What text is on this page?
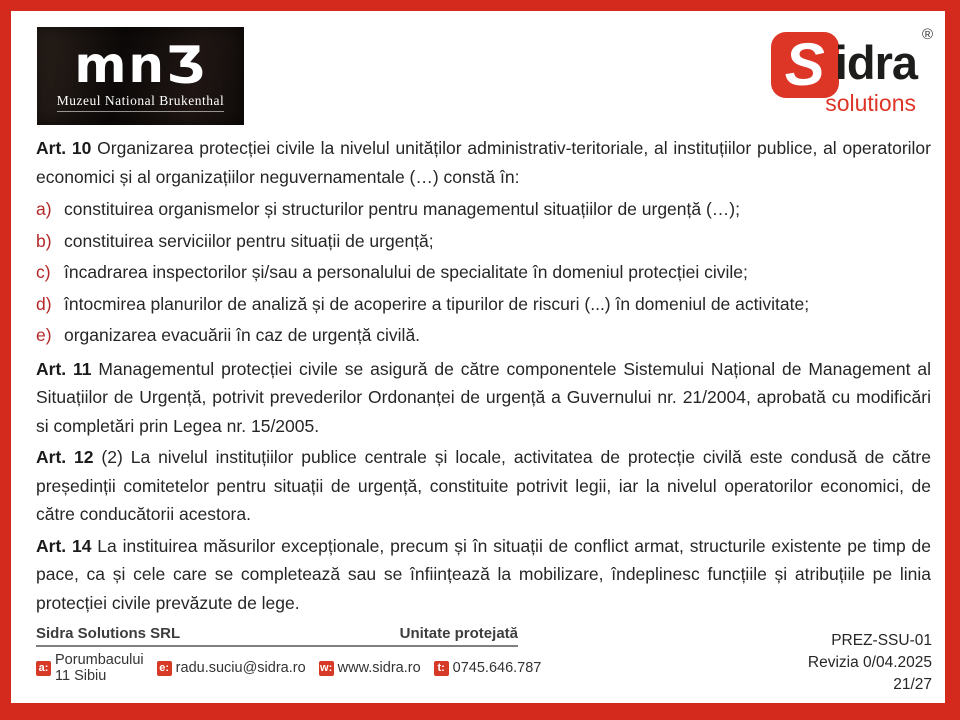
mnƷ
Muzeul National Brukenthal
®
S idra
solutions

Art. 10 Organizarea protecției civile la nivelul unităților administrativ-teritoriale, al instituțiilor publice, al operatorilor economici și al organizațiilor neguvernamentale (…) constă în:

a) constituirea organismelor și structurilor pentru managementul situațiilor de urgență (…);
b) constituirea serviciilor pentru situații de urgență;
c) încadrarea inspectorilor și/sau a personalului de specialitate în domeniul protecției civile;
d) întocmirea planurilor de analiză și de acoperire a tipurilor de riscuri (...) în domeniul de activitate;
e) organizarea evacuării în caz de urgență civilă.

Art. 11 Managementul protecției civile se asigură de către componentele Sistemului Național de Management al Situațiilor de Urgență, potrivit prevederilor Ordonanței de urgență a Guvernului nr. 21/2004, aprobată cu modificări si completări prin Legea nr. 15/2005.

Art. 12 (2) La nivelul instituțiilor publice centrale și locale, activitatea de protecție civilă este condusă de către președinții comitetelor pentru situații de urgență, constituite potrivit legii, iar la nivelul operatorilor economici, de către conducătorii acestora.

Art. 14 La instituirea măsurilor excepționale, precum și în situații de conflict armat, structurile existente pe timp de pace, ca și cele care se completează sau se înființează la mobilizare, îndeplinesc funcțiile și atribuțiile pe linia protecției civile prevăzute de lege.

Sidra Solutions SRL	Unitate protejată
a: Porumbacului 11 Sibiu	e: radu.suciu@sidra.ro w: www.sidra.ro	t: 0745.646.787
PREZ-SSU-01
Revizia 0/04.2025
21/27
